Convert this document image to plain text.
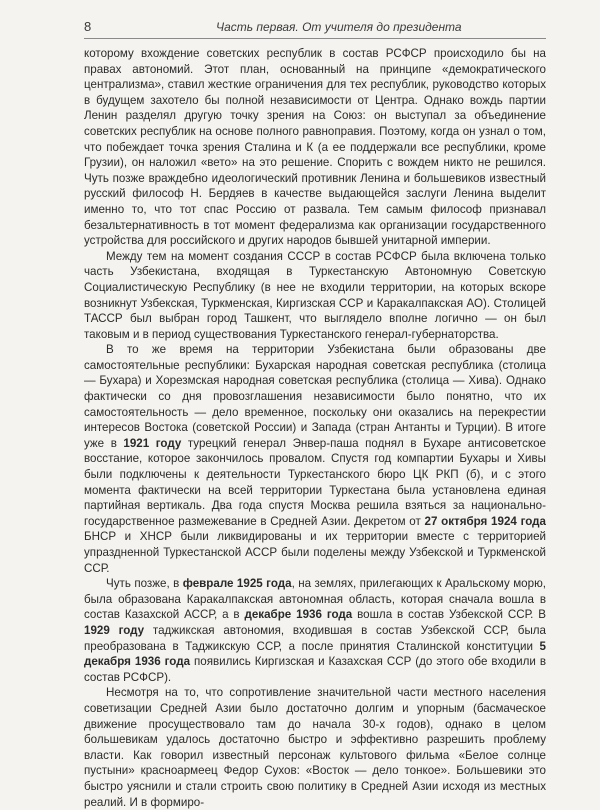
8	Часть первая. От учителя до президента

которому вхождение советских республик в состав РСФСР происходило бы на правах автономий. Этот план, основанный на принципе «демократического централизма», ставил жесткие ограничения для тех республик, руководство которых в будущем захотело бы полной независимости от Центра. Однако вождь партии Ленин разделял другую точку зрения на Союз: он выступал за объединение советских республик на основе полного равноправия. Поэтому, когда он узнал о том, что побеждает точка зрения Сталина и К (а ее поддержали все республики, кроме Грузии), он наложил «вето» на это решение. Спорить с вождем никто не решился. Чуть позже враждебно идеологический противник Ленина и большевиков известный русский философ Н. Бердяев в качестве выдающейся заслуги Ленина выделит именно то, что тот спас Россию от развала. Тем самым философ признавал безальтернативность в тот момент федерализма как организации государственного устройства для российского и других народов бывшей унитарной империи.

Между тем на момент создания СССР в состав РСФСР была включена только часть Узбекистана, входящая в Туркестанскую Автономную Советскую Социалистическую Республику (в нее не входили территории, на которых вскоре возникнут Узбекская, Туркменская, Киргизская ССР и Каракалпакская АО). Столицей ТАССР был выбран город Ташкент, что выглядело вполне логично — он был таковым и в период существования Туркестанского генерал-губернаторства.

В то же время на территории Узбекистана были образованы две самостоятельные республики: Бухарская народная советская республика (столица — Бухара) и Хорезмская народная советская республика (столица — Хива). Однако фактически со дня провозглашения независимости было понятно, что их самостоятельность — дело временное, поскольку они оказались на перекрестии интересов Востока (советской России) и Запада (стран Антанты и Турции). В итоге уже в 1921 году турецкий генерал Энвер-паша поднял в Бухаре антисоветское восстание, которое закончилось провалом. Спустя год компартии Бухары и Хивы были подключены к деятельности Туркестанского бюро ЦК РКП (б), и с этого момента фактически на всей территории Туркестана была установлена единая партийная вертикаль. Два года спустя Москва решила взяться за национально-государственное размежевание в Средней Азии. Декретом от 27 октября 1924 года БНСР и ХНСР были ликвидированы и их территории вместе с территорией упраздненной Туркестанской АССР были поделены между Узбекской и Туркменской ССР.

Чуть позже, в феврале 1925 года, на землях, прилегающих к Аральскому морю, была образована Каракалпакская автономная область, которая сначала вошла в состав Казахской АССР, а в декабре 1936 года вошла в состав Узбекской ССР. В 1929 году таджикская автономия, входившая в состав Узбекской ССР, была преобразована в Таджикскую ССР, а после принятия Сталинской конституции 5 декабря 1936 года появились Киргизская и Казахская ССР (до этого обе входили в состав РСФСР).

Несмотря на то, что сопротивление значительной части местного населения советизации Средней Азии было достаточно долгим и упорным (басмаческое движение просуществовало там до начала 30-х годов), однако в целом большевикам удалось достаточно быстро и эффективно разрешить проблему власти. Как говорил известный персонаж культового фильма «Белое солнце пустыни» красноармеец Федор Сухов: «Восток — дело тонкое». Большевики это быстро уяснили и стали строить свою политику в Средней Азии исходя из местных реалий. И в формиро-
